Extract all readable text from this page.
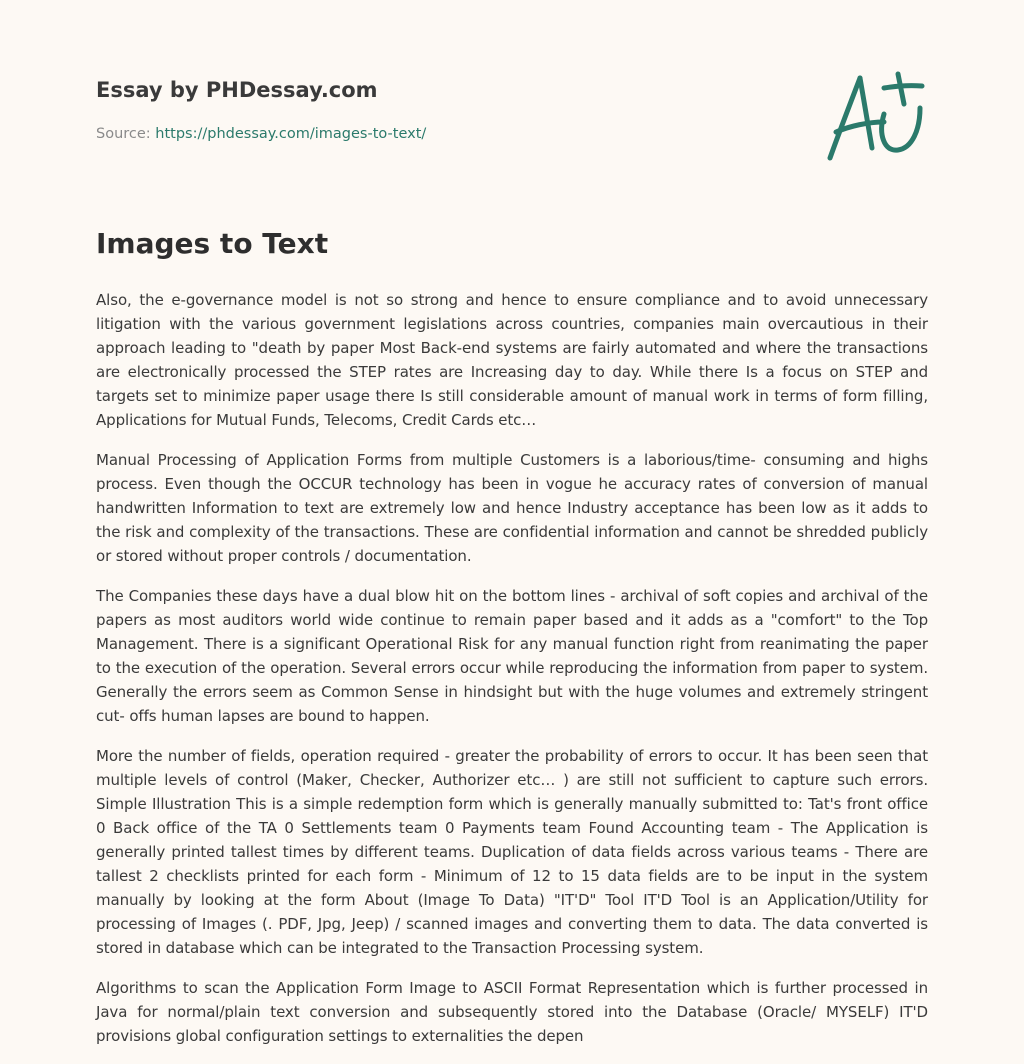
Essay by PHDessay.com
Source: https://phdessay.com/images-to-text/
Images to Text

Also, the e-governance model is not so strong and hence to ensure compliance and to avoid unnecessary litigation with the various government legislations across countries, companies main overcautious in their approach leading to "death by paper Most Back-end systems are fairly automated and where the transactions are electronically processed the STEP rates are Increasing day to day. While there Is a focus on STEP and targets set to minimize paper usage there Is still considerable amount of manual work in terms of form filling, Applications for Mutual Funds, Telecoms, Credit Cards etc…

Manual Processing of Application Forms from multiple Customers is a laborious/time- consuming and highs process. Even though the OCCUR technology has been in vogue he accuracy rates of conversion of manual handwritten Information to text are extremely low and hence Industry acceptance has been low as it adds to the risk and complexity of the transactions. These are confidential information and cannot be shredded publicly or stored without proper controls / documentation.

The Companies these days have a dual blow hit on the bottom lines - archival of soft copies and archival of the papers as most auditors world wide continue to remain paper based and it adds as a "comfort" to the Top Management. There is a significant Operational Risk for any manual function right from reanimating the paper to the execution of the operation. Several errors occur while reproducing the information from paper to system. Generally the errors seem as Common Sense in hindsight but with the huge volumes and extremely stringent cut- offs human lapses are bound to happen.

More the number of fields, operation required - greater the probability of errors to occur. It has been seen that multiple levels of control (Maker, Checker, Authorizer etc… ) are still not sufficient to capture such errors. Simple Illustration This is a simple redemption form which is generally manually submitted to: Tat's front office 0 Back office of the TA 0 Settlements team 0 Payments team Found Accounting team - The Application is generally printed tallest times by different teams. Duplication of data fields across various teams - There are tallest 2 checklists printed for each form - Minimum of 12 to 15 data fields are to be input in the system manually by looking at the form About (Image To Data) "IT'D" Tool IT'D Tool is an Application/Utility for processing of Images (. PDF, Jpg, Jeep) / scanned images and converting them to data. The data converted is stored in database which can be integrated to the Transaction Processing system.

Algorithms to scan the Application Form Image to ASCII Format Representation which is further processed in Java for normal/plain text conversion and subsequently stored into the Database (Oracle/ MYSELF) IT'D provisions global configuration settings to externalities the depen
